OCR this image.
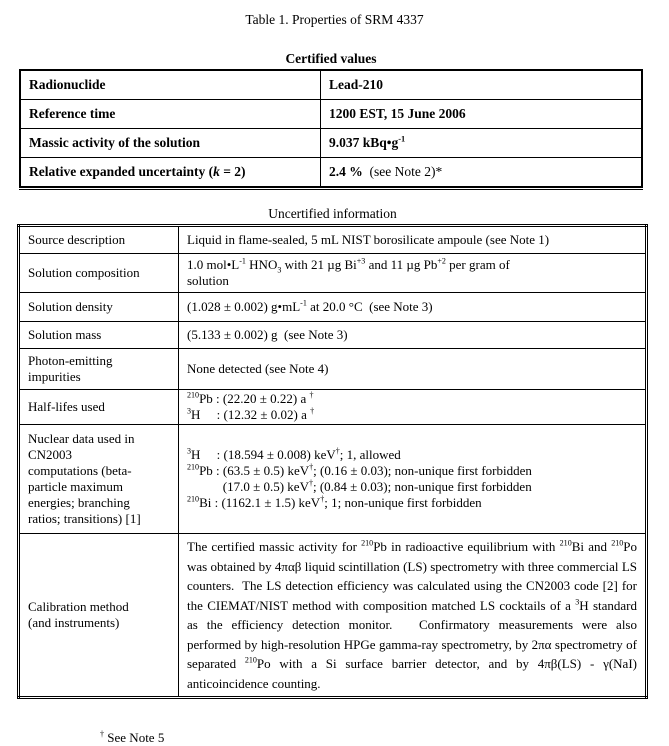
Table 1. Properties of SRM 4337
Certified values
Radionuclide	Lead-210
Reference time	1200 EST, 15 June 2006
Massic activity of the solution	9.037 $kBq•g^{-1}$
Relative expanded uncertainty (k = 2)	2.4 %  (see Note 2)*
Uncertified information
Source description	Liquid in flame-sealed, 5 mL NIST borosilicate ampoule (see Note 1)
Solution composition	1.0 $mol•L^{-1}$ $HNO_3$ with 21 µg $Bi^{+3}$ and 11 µg $Pb^{+2}$ per gram of
solution
Solution density	(1.028 ± 0.002) $g•mL^{-1}$ at 20.0 °C  (see Note 3)
Solution mass	(5.133 ± 0.002) g  (see Note 3)
Photon-emitting
impurities	None detected (see Note 4)
Half-lifes used	$^{210}$Pb : (22.20 ± 0.22) a †
$^3$H     : (12.32 ± 0.02) a †
Nuclear data used in
CN2003
computations (beta-
particle maximum
energies; branching
ratios; transitions) [1]	$^3$H     : (18.594 ± 0.008) keV†; 1, allowed
$^{210}$Pb : (63.5 ± 0.5) keV†; (0.16 ± 0.03); non-unique first forbidden
(17.0 ± 0.5) keV†; (0.84 ± 0.03); non-unique first forbidden
$^{210}$Bi : (1162.1 ± 1.5) keV†; 1; non-unique first forbidden
Calibration method
(and instruments)	The certified massic activity for $^{210}$Pb in radioactive equilibrium with $^{210}$Bi and $^{210}$Po was obtained by 4παβ liquid scintillation (LS) spectrometry with three commercial LS counters.  The LS detection efficiency was calculated using the CN2003 code [2] for the CIEMAT/NIST method with composition matched LS cocktails of a $^3$H standard as the efficiency detection monitor.   Confirmatory measurements were also performed by high-resolution HPGe gamma-ray spectrometry, by 2πα spectrometry of separated $^{210}$Po with a Si surface barrier detector, and by 4πβ(LS) - γ(NaI) anticoincidence counting.
† See Note 5
